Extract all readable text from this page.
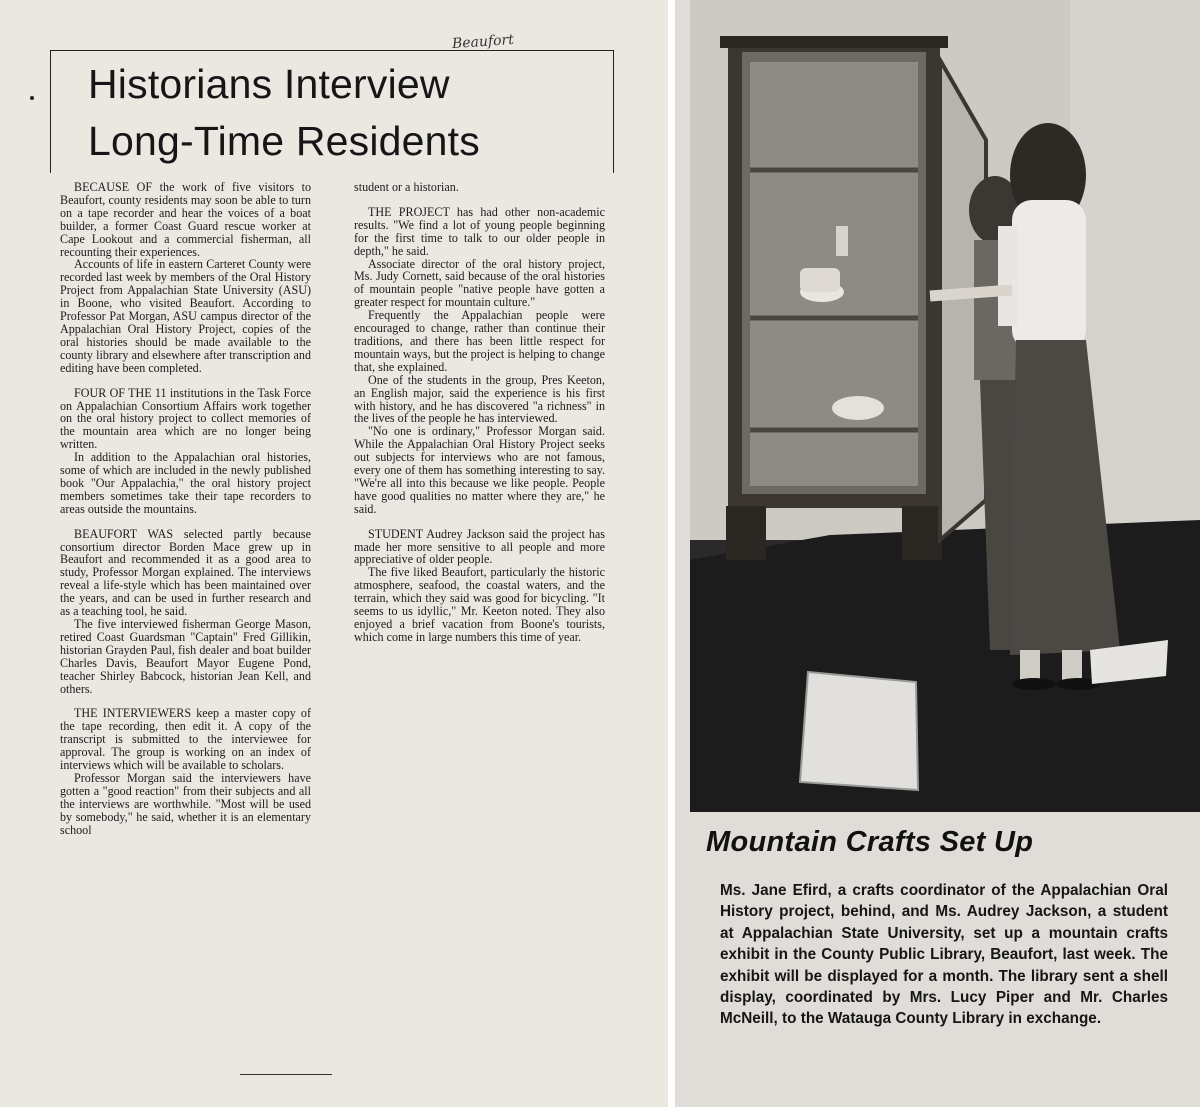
Beaufort
Historians Interview
Long-Time Residents

BECAUSE OF the work of five visitors to Beaufort, county residents may soon be able to turn on a tape recorder and hear the voices of a boat builder, a former Coast Guard rescue worker at Cape Lookout and a commercial fisherman, all recounting their experiences.

Accounts of life in eastern Carteret County were recorded last week by members of the Oral History Project from Appalachian State University (ASU) in Boone, who visited Beaufort. According to Professor Pat Morgan, ASU campus director of the Appalachian Oral History Project, copies of the oral histories should be made available to the county library and elsewhere after transcription and editing have been completed.

FOUR OF THE 11 institutions in the Task Force on Appalachian Consortium Affairs work together on the oral history project to collect memories of the mountain area which are no longer being written.

In addition to the Appalachian oral histories, some of which are included in the newly published book "Our Appalachia," the oral history project members sometimes take their tape recorders to areas outside the mountains.

BEAUFORT WAS selected partly because consortium director Borden Mace grew up in Beaufort and recommended it as a good area to study, Professor Morgan explained. The interviews reveal a life-style which has been maintained over the years, and can be used in further research and as a teaching tool, he said.

The five interviewed fisherman George Mason, retired Coast Guardsman "Captain" Fred Gillikin, historian Grayden Paul, fish dealer and boat builder Charles Davis, Beaufort Mayor Eugene Pond, teacher Shirley Babcock, historian Jean Kell, and others.

THE INTERVIEWERS keep a master copy of the tape recording, then edit it. A copy of the transcript is submitted to the interviewee for approval. The group is working on an index of interviews which will be available to scholars.

Professor Morgan said the interviewers have gotten a "good reaction" from their subjects and all the interviews are worthwhile. "Most will be used by somebody," he said, whether it is an elementary school

student or a historian.

THE PROJECT has had other non-academic results. "We find a lot of young people beginning for the first time to talk to our older people in depth," he said.

Associate director of the oral history project, Ms. Judy Cornett, said because of the oral histories of mountain people "native people have gotten a greater respect for mountain culture."

Frequently the Appalachian people were encouraged to change, rather than continue their traditions, and there has been little respect for mountain ways, but the project is helping to change that, she explained.

One of the students in the group, Pres Keeton, an English major, said the experience is his first with history, and he has discovered "a richness" in the lives of the people he has interviewed.

"No one is ordinary," Professor Morgan said. While the Appalachian Oral History Project seeks out subjects for interviews who are not famous, every one of them has something interesting to say. "We're all into this because we like people. People have good qualities no matter where they are," he said.

STUDENT Audrey Jackson said the project has made her more sensitive to all people and more appreciative of older people.

The five liked Beaufort, particularly the historic atmosphere, seafood, the coastal waters, and the terrain, which they said was good for bicycling. "It seems to us idyllic," Mr. Keeton noted. They also enjoyed a brief vacation from Boone's tourists, which come in large numbers this time of year.

Mountain Crafts Set Up
Ms. Jane Efird, a crafts coordinator of the Appalachian Oral History project, behind, and Ms. Audrey Jackson, a student at Appalachian State University, set up a mountain crafts exhibit in the County Public Library, Beaufort, last week. The exhibit will be displayed for a month. The library sent a shell display, coordinated by Mrs. Lucy Piper and Mr. Charles McNeill, to the Watauga County Library in exchange.
